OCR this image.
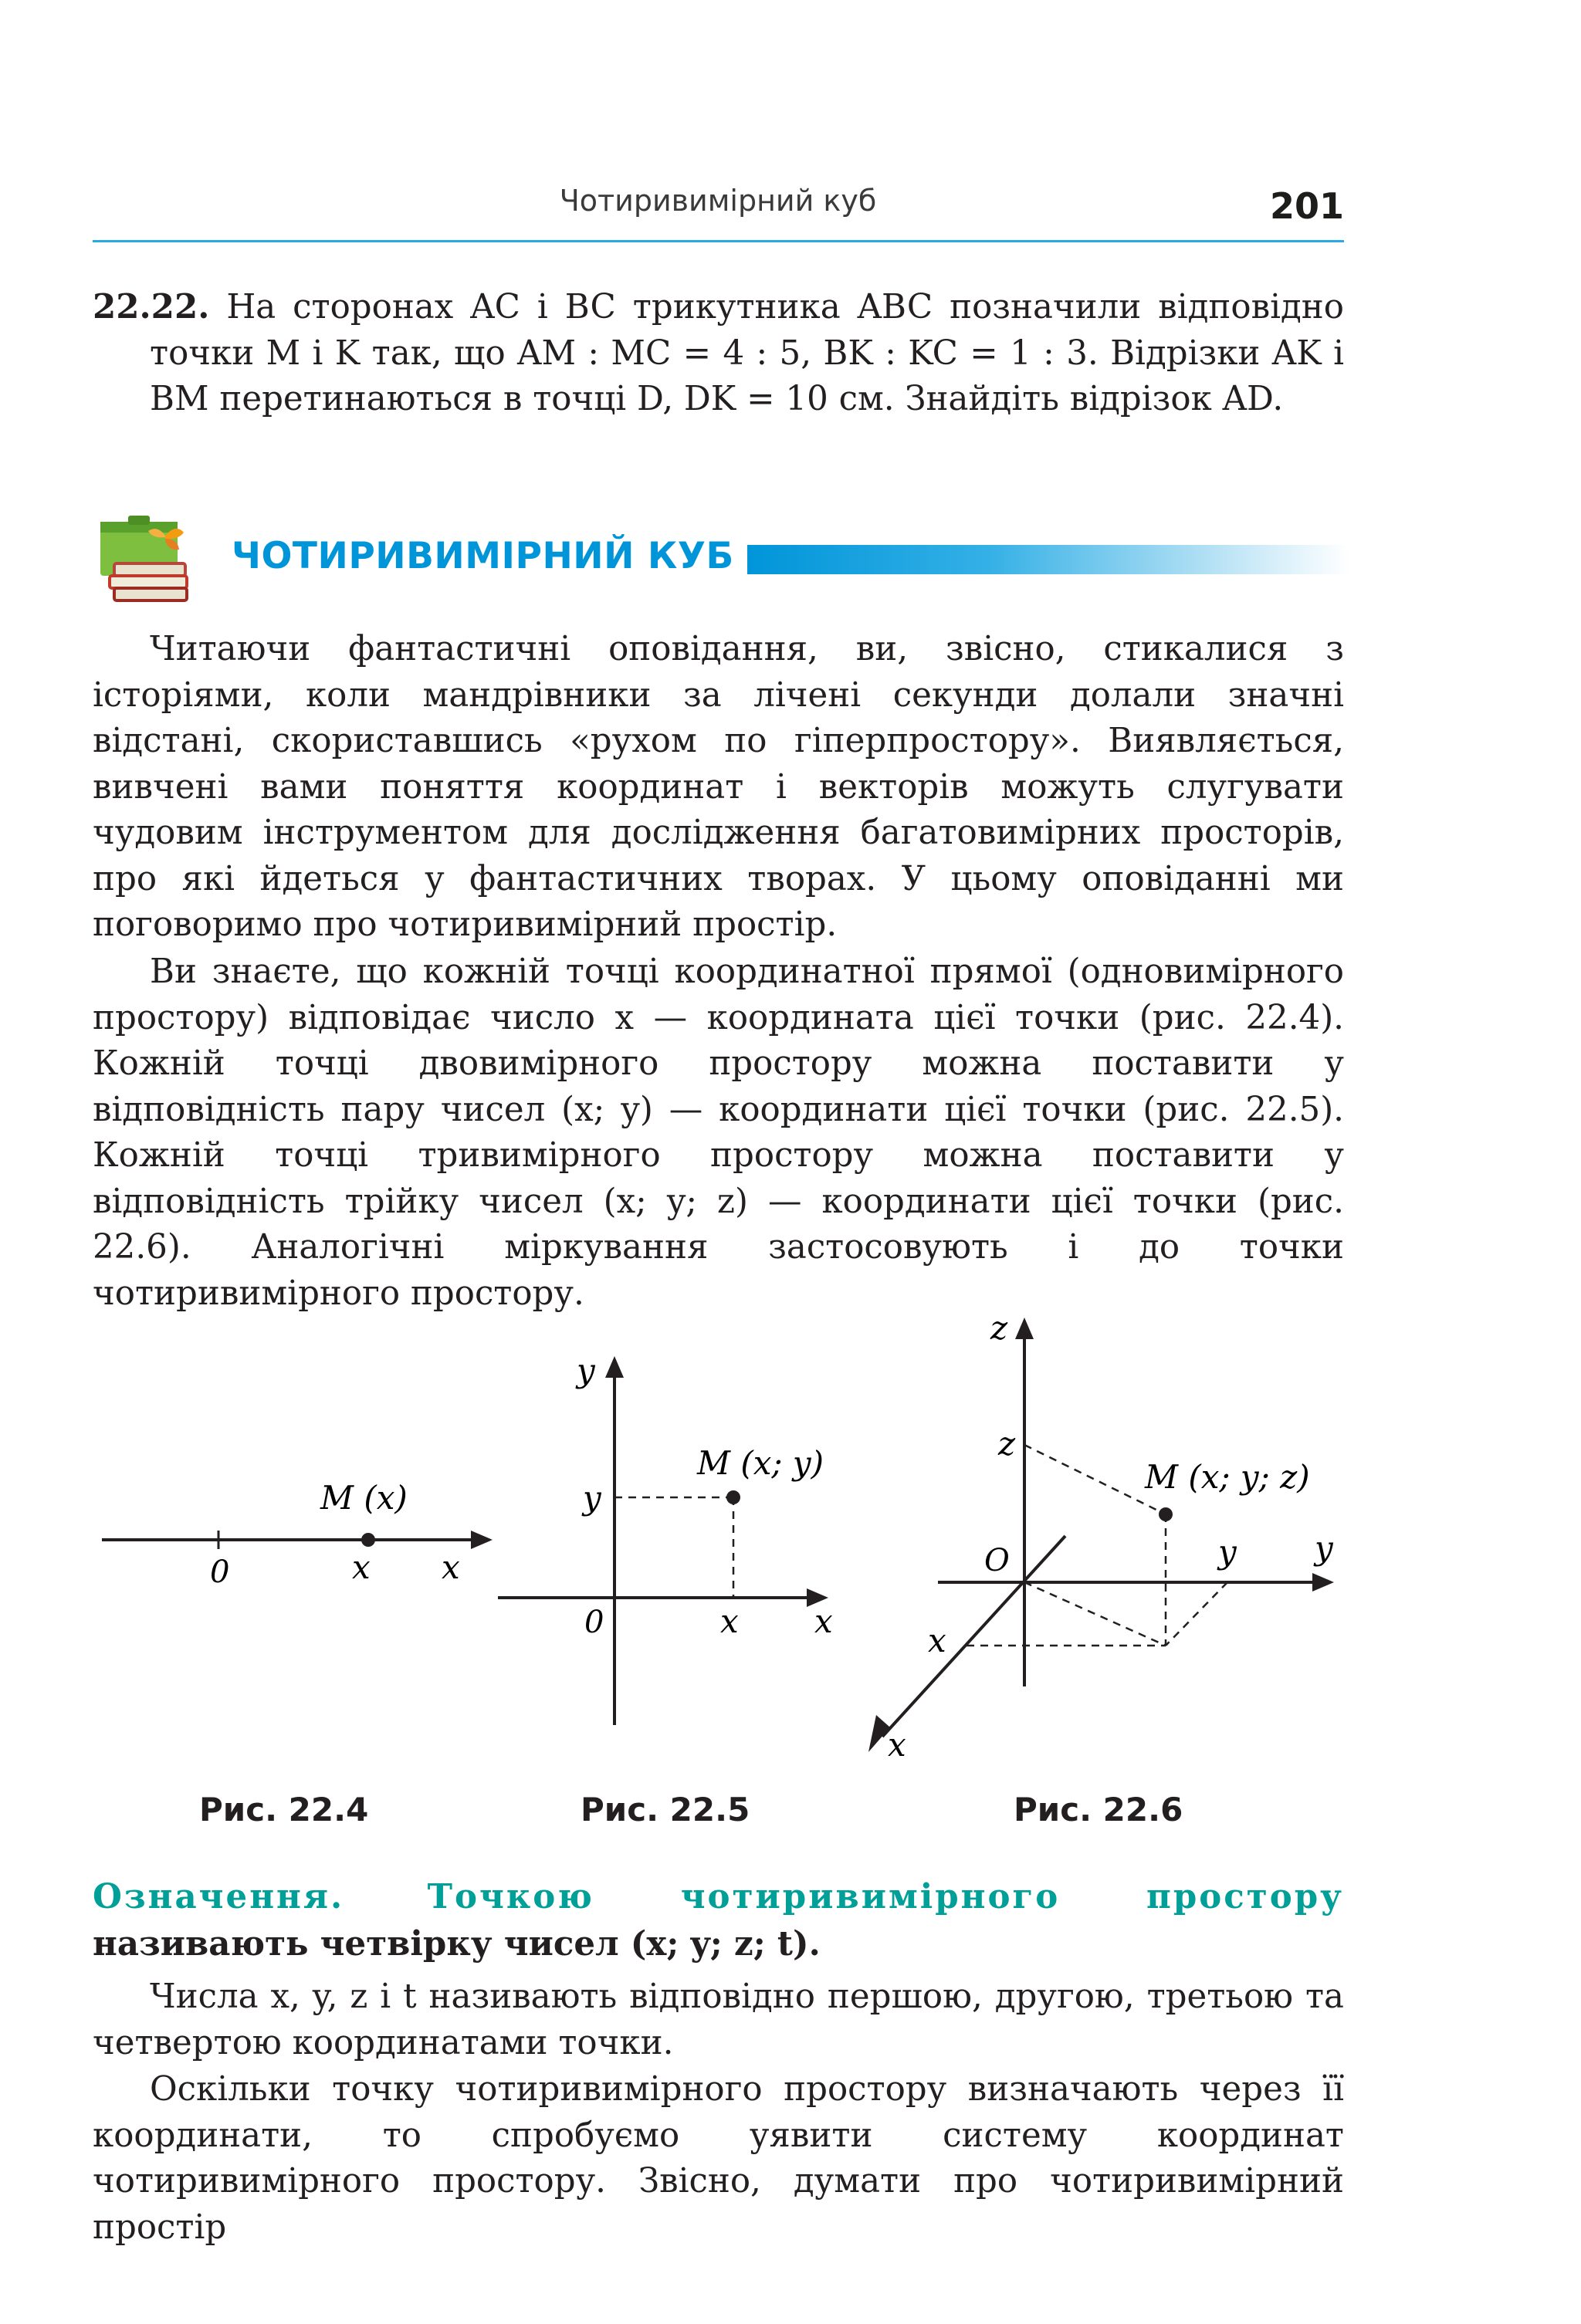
Чотиривимірний куб	201
22.22. На сторонах AC і BC трикутника ABC позначили відповідно точки M і K так, що AM : MC = 4 : 5, BK : KC = 1 : 3. Відрізки AK і BM перетинаються в точці D, DK = 10 см. Знайдіть відрізок AD.
ЧОТИРИВИМІРНИЙ КУБ
Читаючи фантастичні оповідання, ви, звісно, стикалися з історіями, коли мандрівники за лічені секунди долали значні відстані, скориставшись «рухом по гіперпростору». Виявляється, вивчені вами поняття координат і векторів можуть слугувати чудовим інструментом для дослідження багатовимірних просторів, про які йдеться у фантастичних творах. У цьому оповіданні ми поговоримо про чотиривимірний простір.
Ви знаєте, що кожній точці координатної прямої (одновимірного простору) відповідає число x — координата цієї точки (рис. 22.4). Кожній точці двовимірного простору можна поставити у відповідність пару чисел (x; y) — координати цієї точки (рис. 22.5). Кожній точці тривимірного простору можна поставити у відповідність трійку чисел (x; y; z) — координати цієї точки (рис. 22.6). Аналогічні міркування застосовують і до точки чотиривимірного простору.
0
M (x)
x x
M (x; y)
0	x
y
x
y
M (x; y; z)
O
z
y
x
z
y
x
Рис. 22.4	Рис. 22.5	Рис. 22.6
Означення. Точкою чотиривимірного простору називають четвірку чисел (x; y; z; t).
Числа x, y, z і t називають відповідно першою, другою, третьою та четвертою координатами точки.
Оскільки точку чотиривимірного простору визначають через її координати, то спробуємо уявити систему координат чотиривимірного простору. Звісно, думати про чотиривимірний простір
